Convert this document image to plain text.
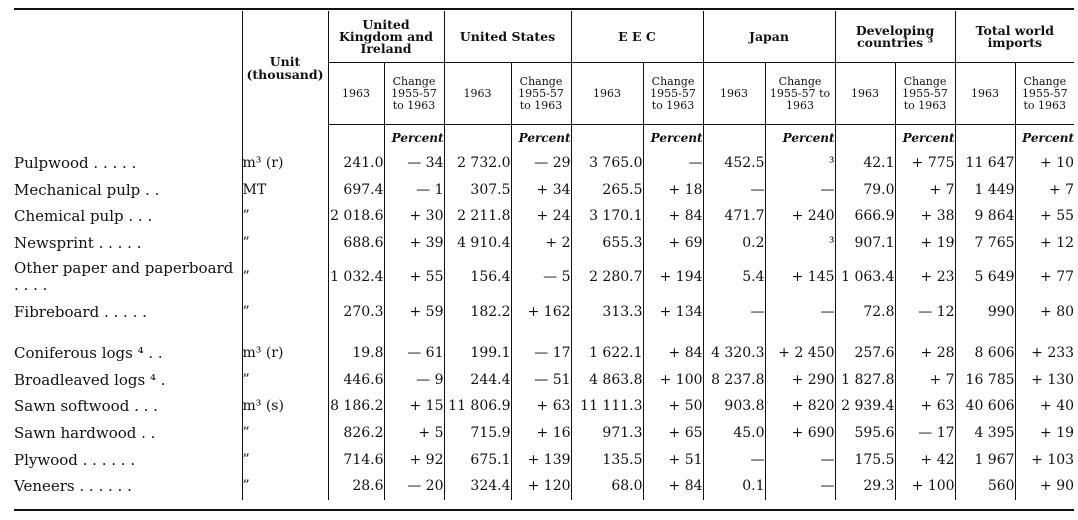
	Unit (thousand)	United Kingdom and Ireland		United States		E E C		Japan		Developing countries ³		Total world imports	
		1963	Change 1955-57 to 1963	1963	Change 1955-57 to 1963	1963	Change 1955-57 to 1963	1963	Change 1955-57 to 1963	1963	Change 1955-57 to 1963	1963	Change 1955-57 to 1963
			Percent		Percent		Percent		Percent		Percent		Percent
Pulpwood . . . . .	m³ (r)	241.0	— 34	2 732.0	— 29	3 765.0	—	452.5	³	42.1	+ 775	11 647	+ 10
Mechanical pulp . .	MT	697.4	— 1	307.5	+ 34	265.5	+ 18	—	—	79.0	+ 7	1 449	+ 7
Chemical pulp . . .	”	2 018.6	+ 30	2 211.8	+ 24	3 170.1	+ 84	471.7	+ 240	666.9	+ 38	9 864	+ 55
Newsprint . . . . .	”	688.6	+ 39	4 910.4	+ 2	655.3	+ 69	0.2	³	907.1	+ 19	7 765	+ 12
Other paper and paperboard . . . .	”	1 032.4	+ 55	156.4	— 5	2 280.7	+ 194	5.4	+ 145	1 063.4	+ 23	5 649	+ 77
Fibreboard . . . . .	”	270.3	+ 59	182.2	+ 162	313.3	+ 134	—	—	72.8	— 12	990	+ 80

Coniferous logs ⁴ . .	m³ (r)	19.8	— 61	199.1	— 17	1 622.1	+ 84	4 320.3	+ 2 450	257.6	+ 28	8 606	+ 233
Broadleaved logs ⁴ .	”	446.6	— 9	244.4	— 51	4 863.8	+ 100	8 237.8	+ 290	1 827.8	+ 7	16 785	+ 130
Sawn softwood . . .	m³ (s)	8 186.2	+ 15	11 806.9	+ 63	11 111.3	+ 50	903.8	+ 820	2 939.4	+ 63	40 606	+ 40
Sawn hardwood . .	”	826.2	+ 5	715.9	+ 16	971.3	+ 65	45.0	+ 690	595.6	— 17	4 395	+ 19
Plywood . . . . . .	”	714.6	+ 92	675.1	+ 139	135.5	+ 51	—	—	175.5	+ 42	1 967	+ 103
Veneers . . . . . .	”	28.6	— 20	324.4	+ 120	68.0	+ 84	0.1	—	29.3	+ 100	560	+ 90
